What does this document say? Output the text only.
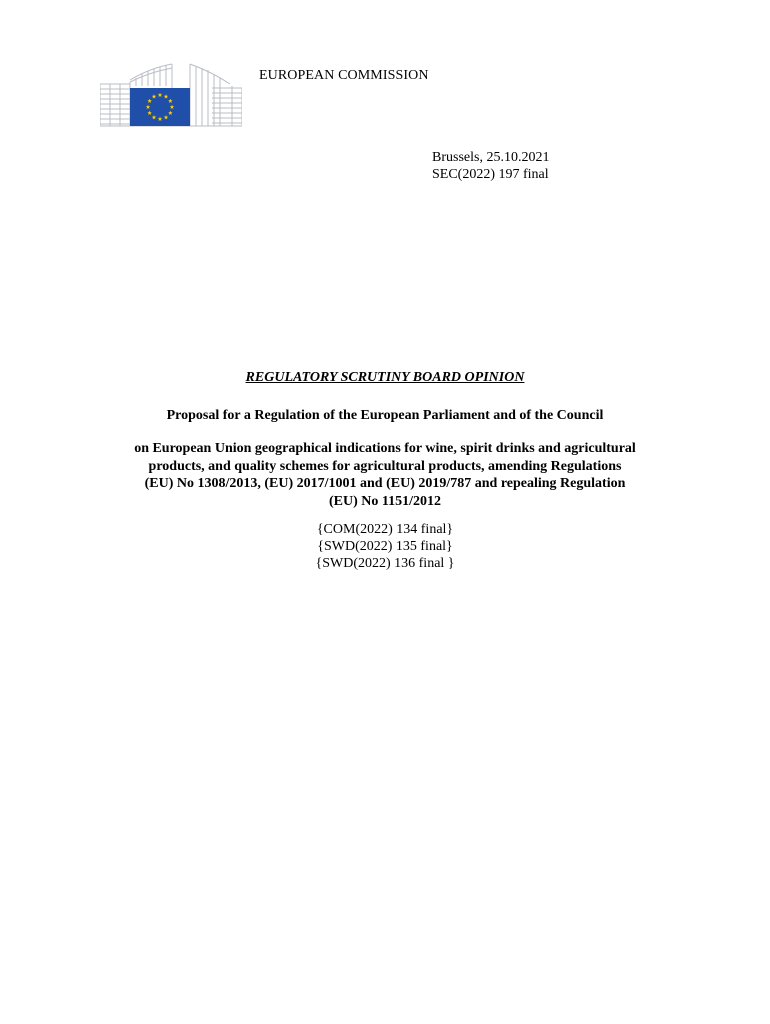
EUROPEAN COMMISSION
Brussels, 25.10.2021
SEC(2022) 197 final
REGULATORY SCRUTINY BOARD OPINION
Proposal for a Regulation of the European Parliament and of the Council
on European Union geographical indications for wine, spirit drinks and agricultural
products, and quality schemes for agricultural products, amending Regulations
(EU) No 1308/2013, (EU) 2017/1001 and (EU) 2019/787 and repealing Regulation
(EU) No 1151/2012
{COM(2022) 134 final}
{SWD(2022) 135 final}
{SWD(2022) 136 final }
